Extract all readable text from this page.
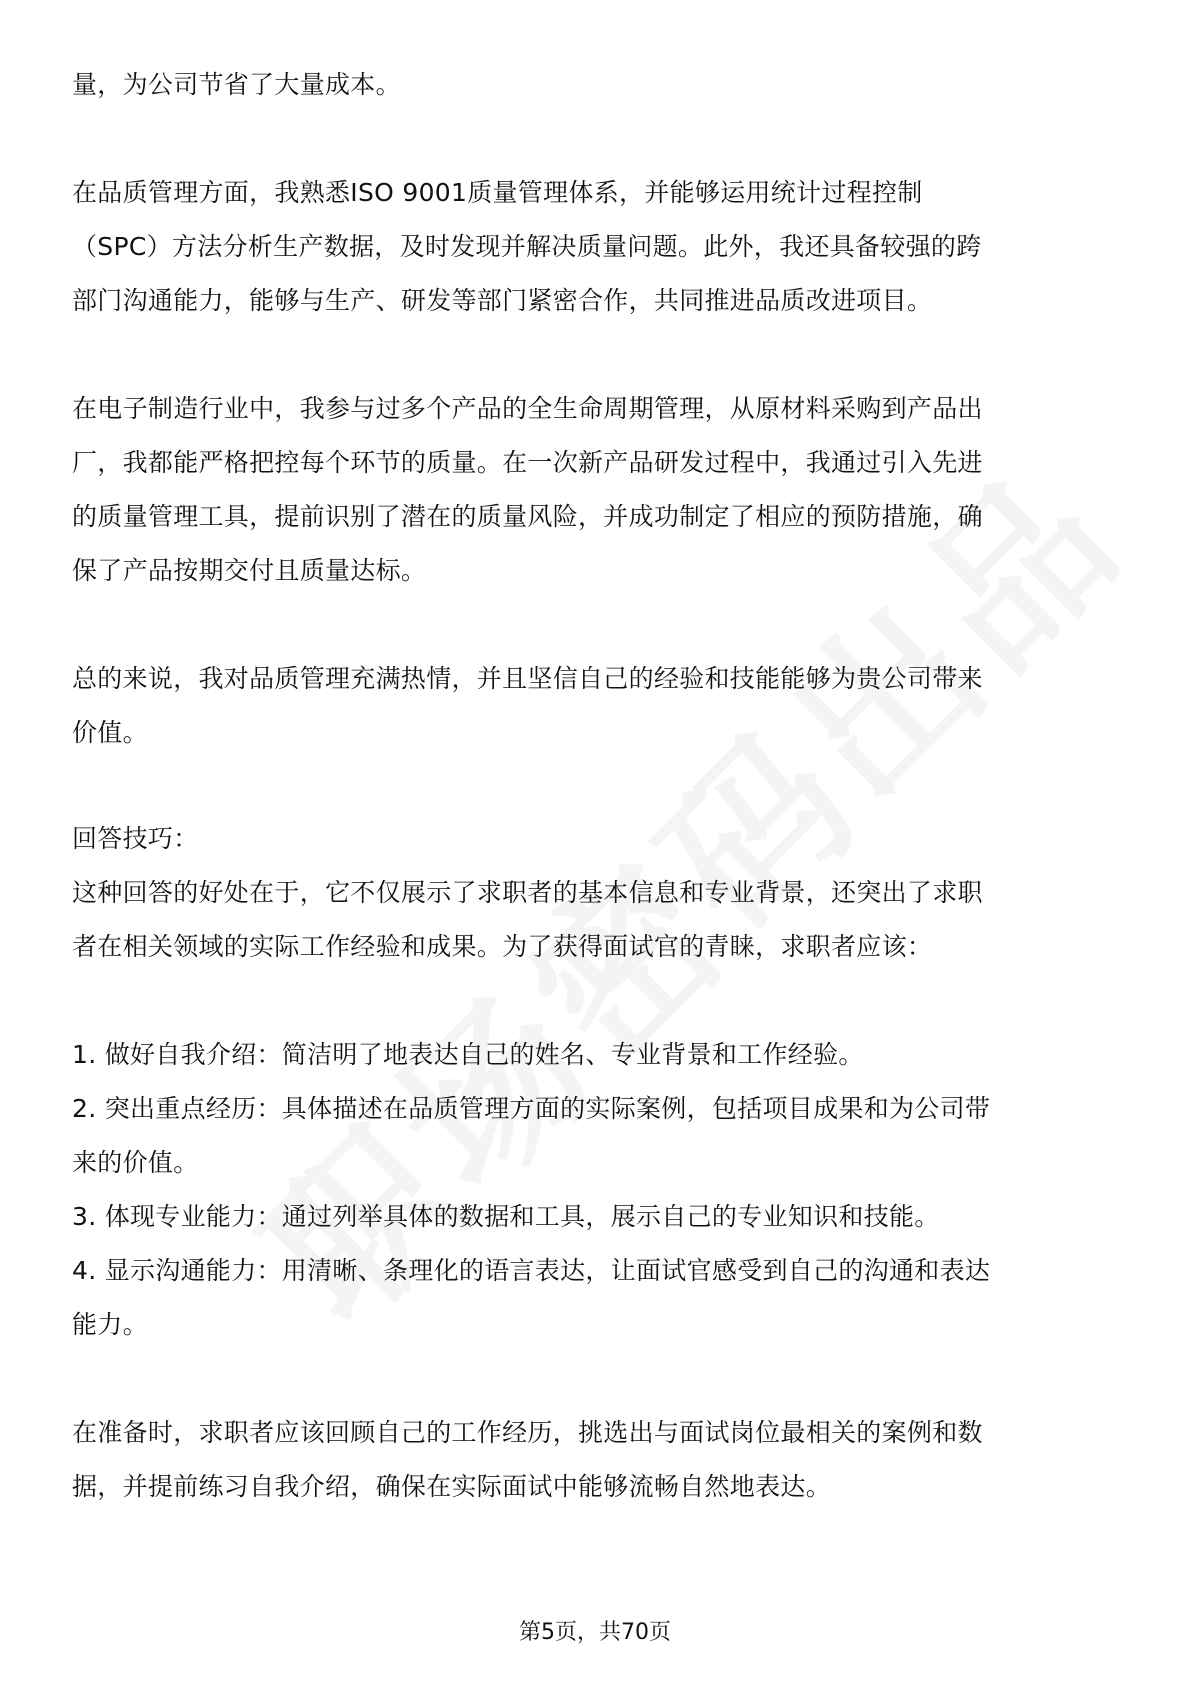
量，为公司节省了大量成本。
在品质管理方面，我熟悉ISO 9001质量管理体系，并能够运用统计过程控制
（SPC）方法分析生产数据，及时发现并解决质量问题。此外，我还具备较强的跨
部门沟通能力，能够与生产、研发等部门紧密合作，共同推进品质改进项目。
在电子制造行业中，我参与过多个产品的全生命周期管理，从原材料采购到产品出
厂，我都能严格把控每个环节的质量。在一次新产品研发过程中，我通过引入先进
的质量管理工具，提前识别了潜在的质量风险，并成功制定了相应的预防措施，确
保了产品按期交付且质量达标。
总的来说，我对品质管理充满热情，并且坚信自己的经验和技能能够为贵公司带来
价值。
回答技巧：
这种回答的好处在于，它不仅展示了求职者的基本信息和专业背景，还突出了求职
者在相关领域的实际工作经验和成果。为了获得面试官的青睐，求职者应该：
1. 做好自我介绍：简洁明了地表达自己的姓名、专业背景和工作经验。
2. 突出重点经历：具体描述在品质管理方面的实际案例，包括项目成果和为公司带
来的价值。
3. 体现专业能力：通过列举具体的数据和工具，展示自己的专业知识和技能。
4. 显示沟通能力：用清晰、条理化的语言表达，让面试官感受到自己的沟通和表达
能力。
在准备时，求职者应该回顾自己的工作经历，挑选出与面试岗位最相关的案例和数
据，并提前练习自我介绍，确保在实际面试中能够流畅自然地表达。
第5页，共70页
